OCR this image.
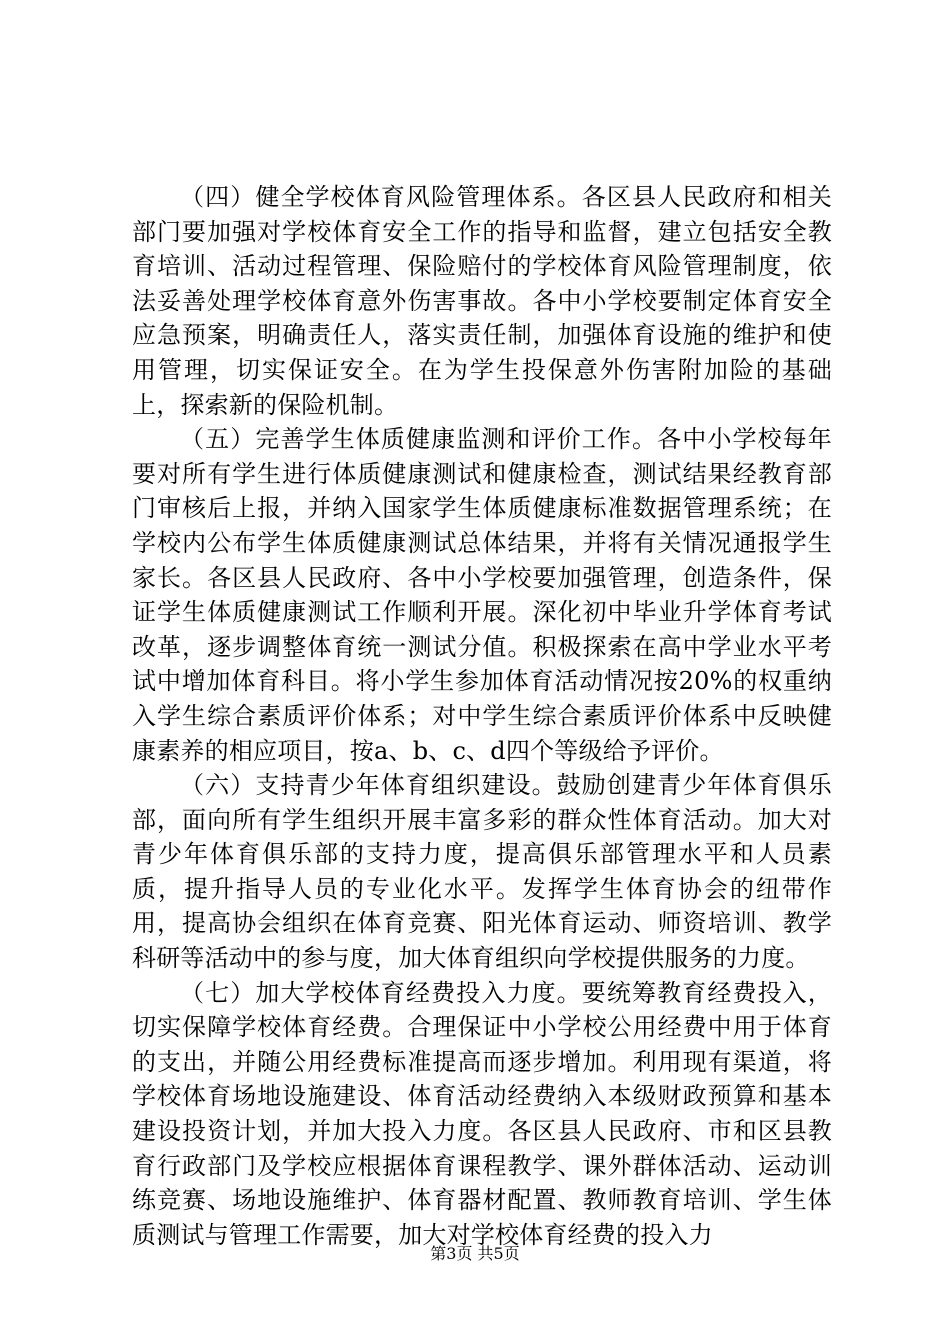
（四）健全学校体育风险管理体系。各区县人民政府和相关部门要加强对学校体育安全工作的指导和监督，建立包括安全教育培训、活动过程管理、保险赔付的学校体育风险管理制度，依法妥善处理学校体育意外伤害事故。各中小学校要制定体育安全应急预案，明确责任人，落实责任制，加强体育设施的维护和使用管理，切实保证安全。在为学生投保意外伤害附加险的基础上，探索新的保险机制。

（五）完善学生体质健康监测和评价工作。各中小学校每年要对所有学生进行体质健康测试和健康检查，测试结果经教育部门审核后上报，并纳入国家学生体质健康标准数据管理系统；在学校内公布学生体质健康测试总体结果，并将有关情况通报学生家长。各区县人民政府、各中小学校要加强管理，创造条件，保证学生体质健康测试工作顺利开展。深化初中毕业升学体育考试改革，逐步调整体育统一测试分值。积极探索在高中学业水平考试中增加体育科目。将小学生参加体育活动情况按20%的权重纳入学生综合素质评价体系；对中学生综合素质评价体系中反映健康素养的相应项目，按a、b、c、d四个等级给予评价。

（六）支持青少年体育组织建设。鼓励创建青少年体育俱乐部，面向所有学生组织开展丰富多彩的群众性体育活动。加大对青少年体育俱乐部的支持力度，提高俱乐部管理水平和人员素质，提升指导人员的专业化水平。发挥学生体育协会的纽带作用，提高协会组织在体育竞赛、阳光体育运动、师资培训、教学科研等活动中的参与度，加大体育组织向学校提供服务的力度。

（七）加大学校体育经费投入力度。要统筹教育经费投入，切实保障学校体育经费。合理保证中小学校公用经费中用于体育的支出，并随公用经费标准提高而逐步增加。利用现有渠道，将学校体育场地设施建设、体育活动经费纳入本级财政预算和基本建设投资计划，并加大投入力度。各区县人民政府、市和区县教育行政部门及学校应根据体育课程教学、课外群体活动、运动训练竞赛、场地设施维护、体育器材配置、教师教育培训、学生体质测试与管理工作需要，加大对学校体育经费的投入力

第3页 共5页
